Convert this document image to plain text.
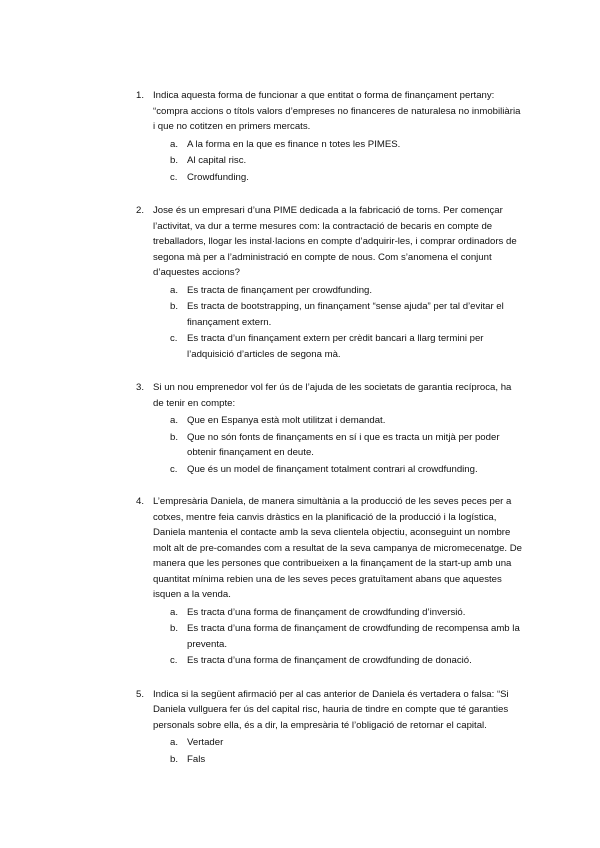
1. Indica aquesta forma de funcionar a que entitat o forma de finançament pertany: “compra accions o títols valors d’empreses no financeres de naturalesa no inmobiliària i que no cotitzen en primers mercats.
a. A la forma en la que es finance n totes les PIMES.
b. Al capital risc.
c. Crowdfunding.
2. Jose és un empresari d’una PIME dedicada a la fabricació de torns. Per començar l’activitat, va dur a terme mesures com: la contractació de becaris en compte de treballadors, llogar les instal·lacions en compte d’adquirir-les, i comprar ordinadors de segona mà per a l’administració en compte de nous. Com s’anomena el conjunt d’aquestes accions?
a. Es tracta de finançament per crowdfunding.
b. Es tracta de bootstrapping, un finançament “sense ajuda” per tal d’evitar el finançament extern.
c. Es tracta d’un finançament extern per crèdit bancari a llarg termini per l’adquisició d’articles de segona mà.
3. Si un nou emprenedor vol fer ús de l’ajuda de les societats de garantia recíproca, ha de tenir en compte:
a. Que en Espanya està molt utilitzat i demandat.
b. Que no són fonts de finançaments en sí i que es tracta un mitjà per poder obtenir finançament en deute.
c. Que és un model de finançament totalment contrari al crowdfunding.
4. L’empresària Daniela, de manera simultània a la producció de les seves peces per a cotxes, mentre feia canvis dràstics en la planificació de la producció i la logística, Daniela mantenia el contacte amb la seva clientela objectiu, aconseguint un nombre molt alt de pre-comandes com a resultat de la seva campanya de micromecenatge. De manera que les persones que contribueixen a la finançament de la start-up amb una quantitat mínima rebien una de les seves peces gratuïtament abans que aquestes isquen a la venda.
a. Es tracta d’una forma de finançament de crowdfunding d’inversió.
b. Es tracta d’una forma de finançament de crowdfunding de recompensa amb la preventa.
c. Es tracta d’una forma de finançament de crowdfunding de donació.
5. Indica si la següent afirmació per al cas anterior de Daniela és vertadera o falsa: “Si Daniela vullguera fer ús del capital risc, hauria de tindre en compte que té garanties personals sobre ella, és a dir, la empresària té l’obligació de retornar el capital.
a. Vertader
b. Fals
